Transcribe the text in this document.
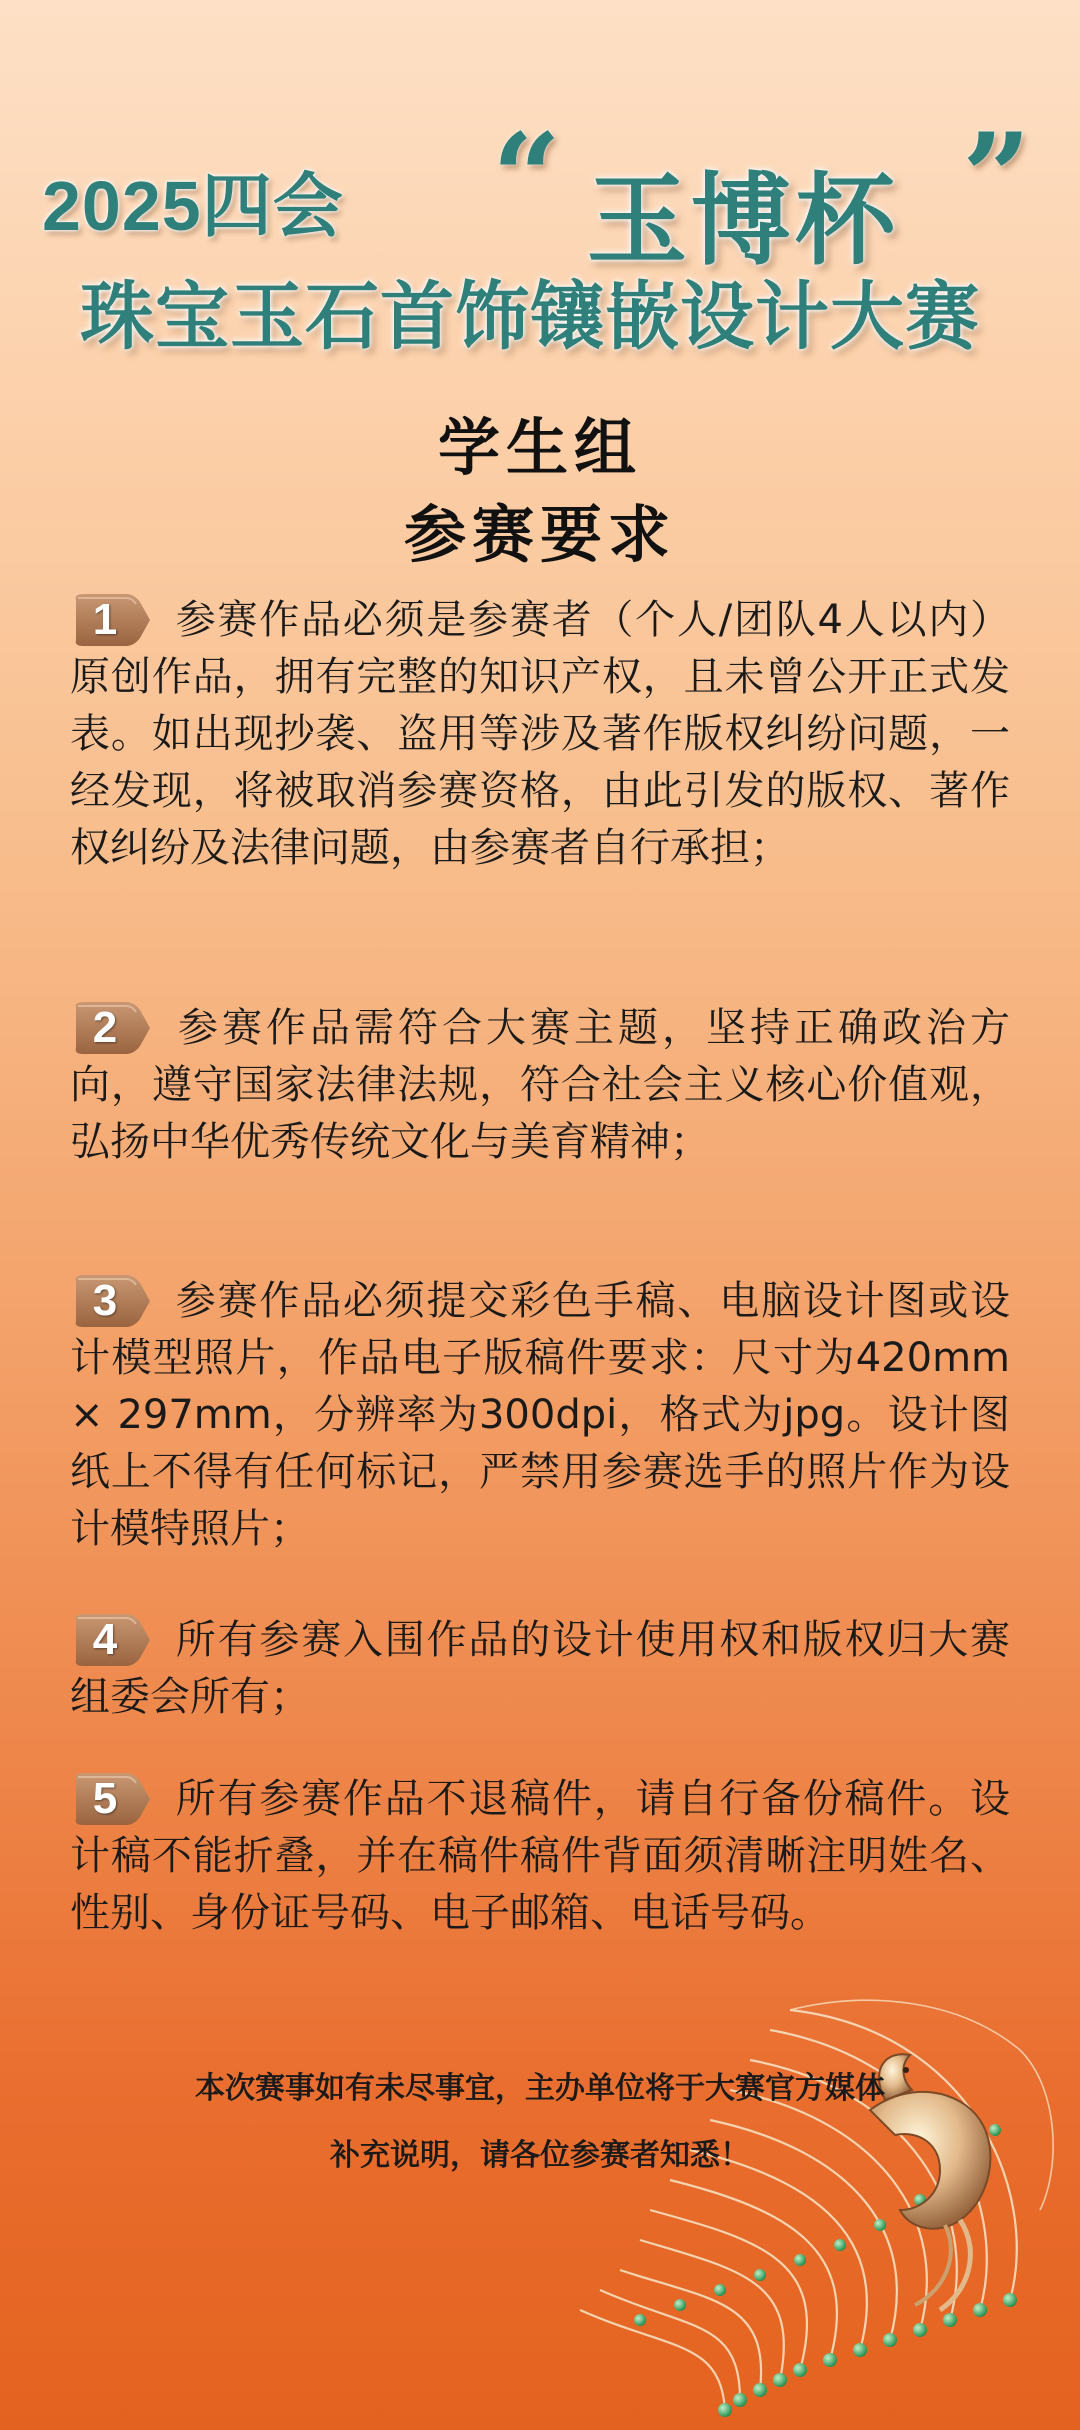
2025四会 “ 玉博杯 ”
珠宝玉石首饰镶嵌设计大赛
学生组
参赛要求
1	参赛作品必须是参赛者（个人/团队4人以内）原创作品，拥有完整的知识产权，且未曾公开正式发表。如出现抄袭、盗用等涉及著作版权纠纷问题，一经发现，将被取消参赛资格，由此引发的版权、著作权纠纷及法律问题，由参赛者自行承担；
2	参赛作品需符合大赛主题，坚持正确政治方向，遵守国家法律法规，符合社会主义核心价值观，弘扬中华优秀传统文化与美育精神；
3	参赛作品必须提交彩色手稿、电脑设计图或设计模型照片，作品电子版稿件要求：尺寸为420mm × 297mm，分辨率为300dpi，格式为jpg。设计图纸上不得有任何标记，严禁用参赛选手的照片作为设计模特照片；
4	所有参赛入围作品的设计使用权和版权归大赛组委会所有；
5	所有参赛作品不退稿件，请自行备份稿件。设计稿不能折叠，并在稿件稿件背面须清晰注明姓名、性别、身份证号码、电子邮箱、电话号码。
本次赛事如有未尽事宜，主办单位将于大赛官方媒体
补充说明，请各位参赛者知悉！
